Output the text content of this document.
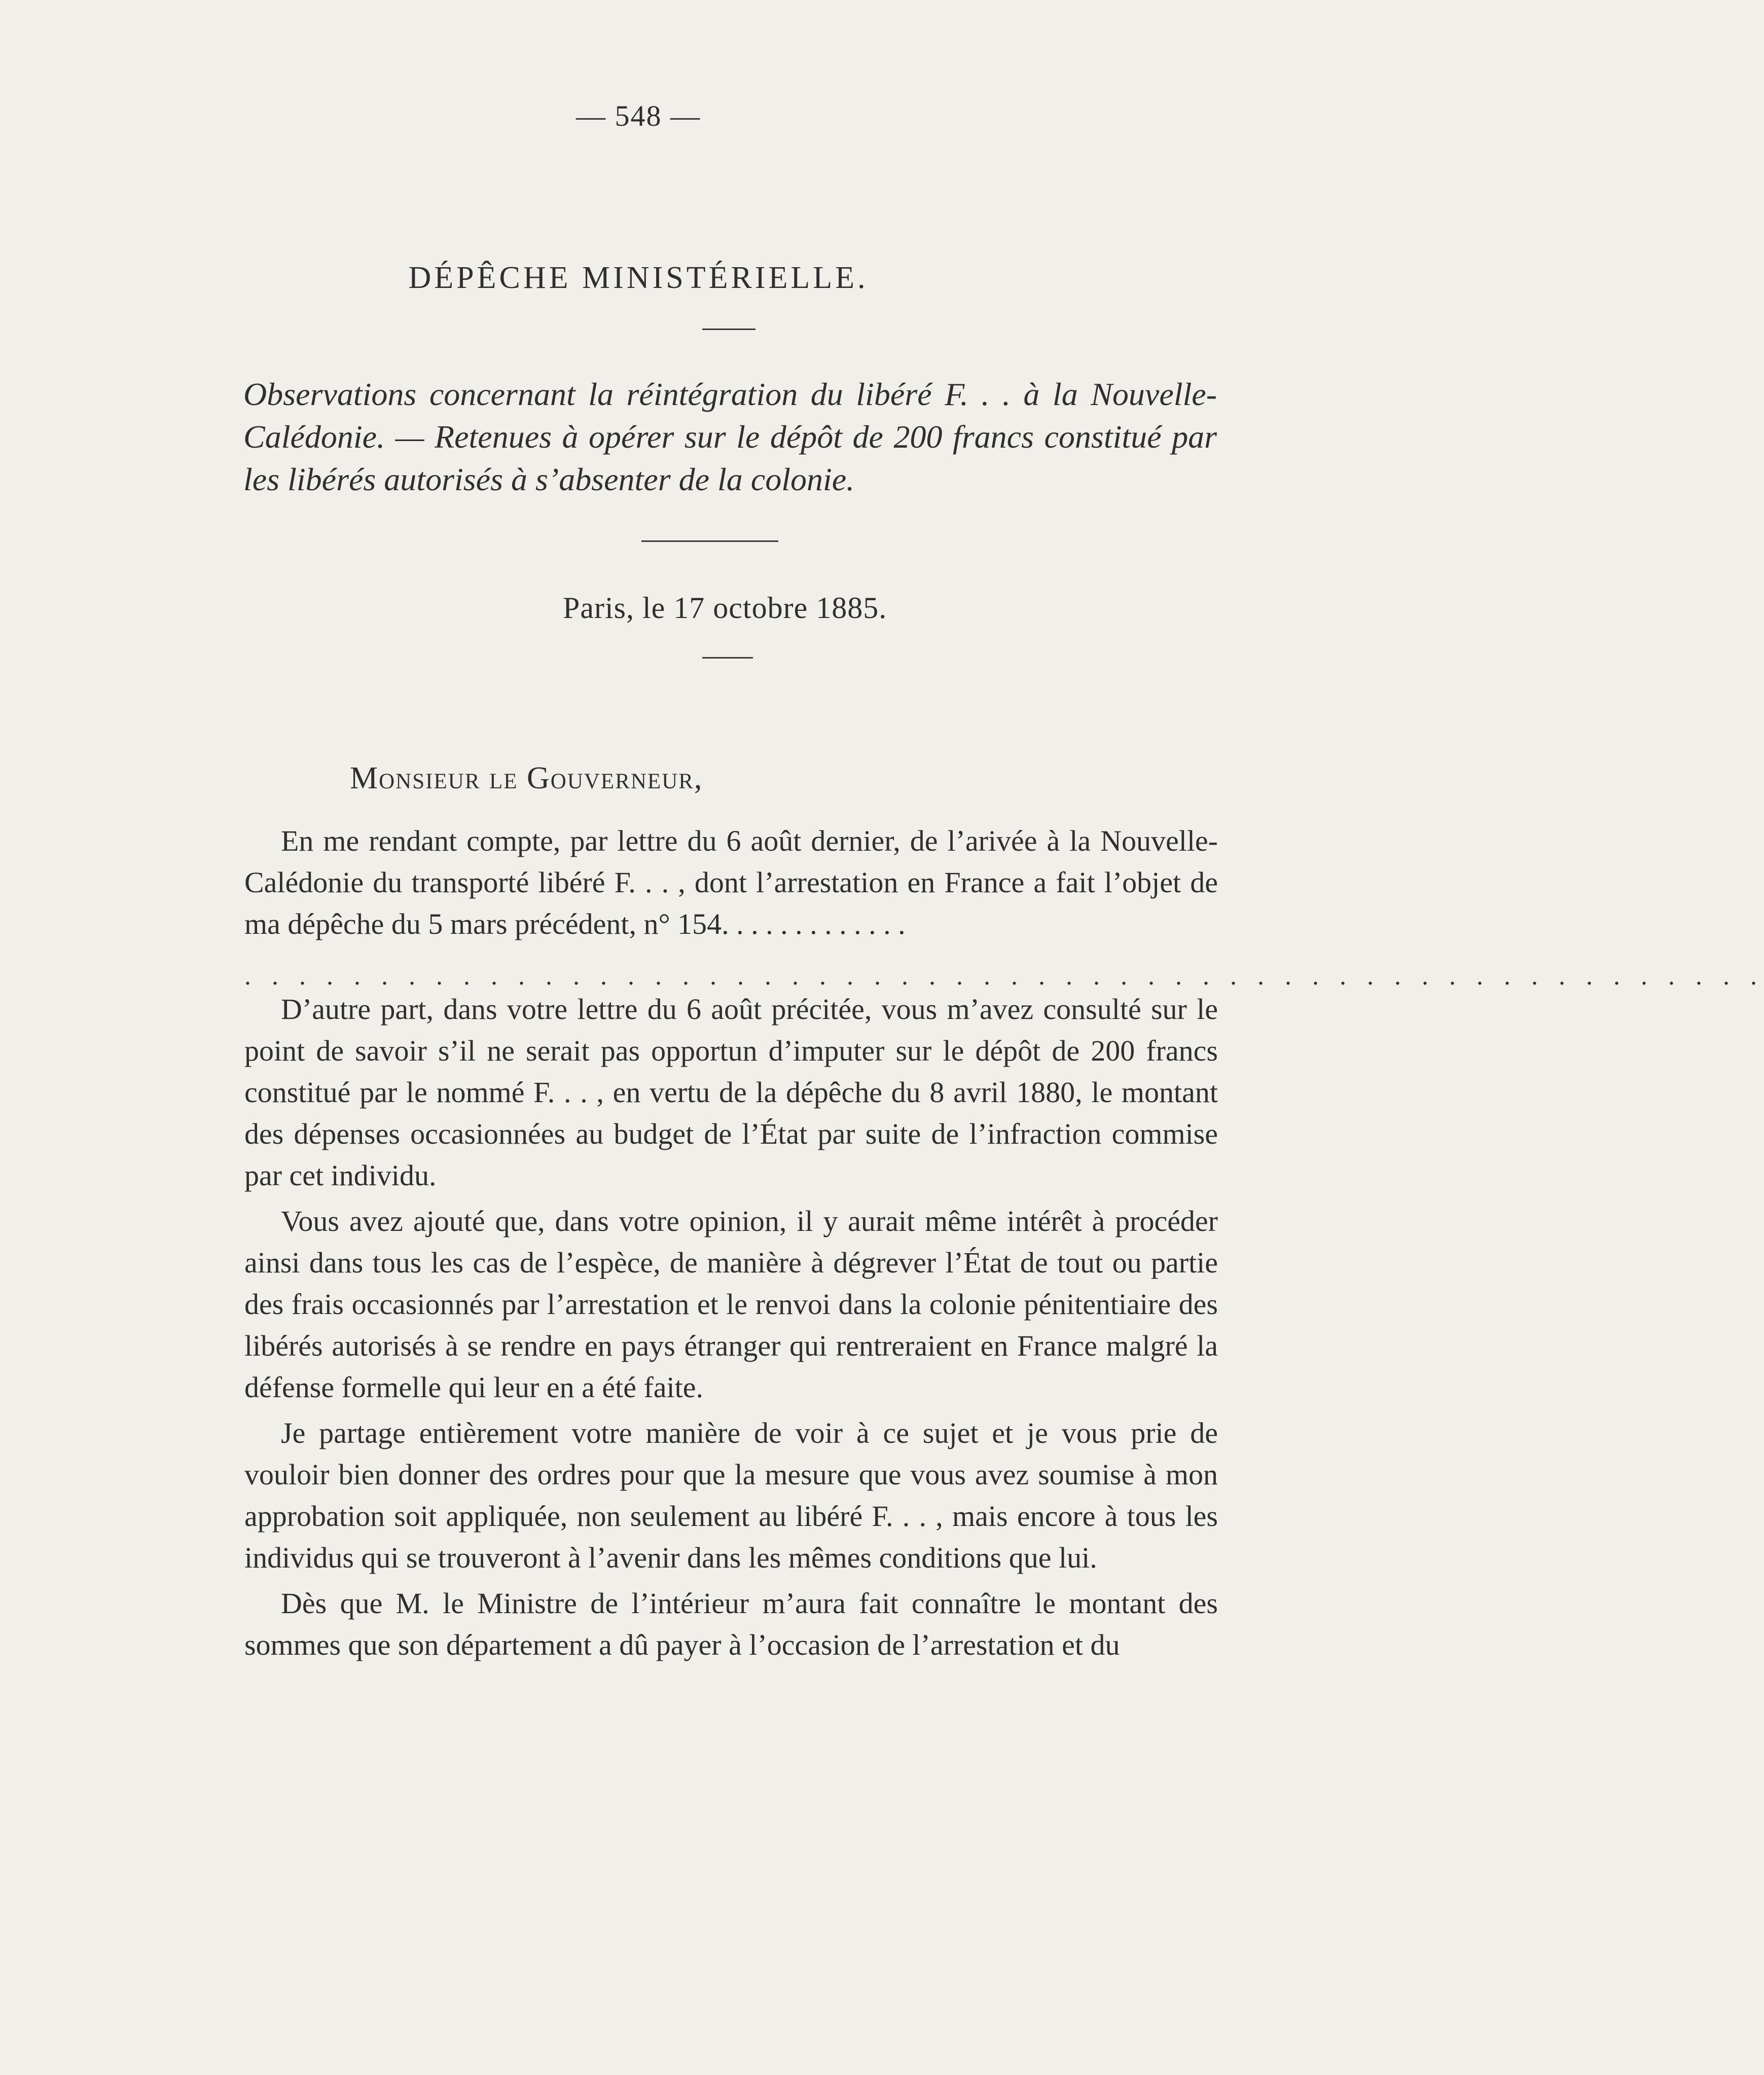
— 548 —
DÉPÊCHE MINISTÉRIELLE.

Observations concernant la réintégration du libéré F. . . à la Nouvelle-Calédonie. — Retenues à opérer sur le dépôt de 200 francs constitué par les libérés autorisés à s’absenter de la colonie.

Paris, le 17 octobre 1885.
Monsieur le Gouverneur,

En me rendant compte, par lettre du 6 août dernier, de l’arivée à la Nouvelle-Calédonie du transporté libéré F. . . , dont l’arrestation en France a fait l’objet de ma dépêche du 5 mars précédent, n° 154. . . . . . . . . . . . .

. . . . . . . . . . . . . . . . . . . . . . . . . . . . . . . . . . . . . . . . . . . . . . . . . . . . . . . .

D’autre part, dans votre lettre du 6 août précitée, vous m’avez consulté sur le point de savoir s’il ne serait pas opportun d’imputer sur le dépôt de 200 francs constitué par le nommé F. . . , en vertu de la dépêche du 8 avril 1880, le montant des dépenses occasionnées au budget de l’État par suite de l’infraction commise par cet individu.

Vous avez ajouté que, dans votre opinion, il y aurait même intérêt à procéder ainsi dans tous les cas de l’espèce, de manière à dégrever l’État de tout ou partie des frais occasionnés par l’arrestation et le renvoi dans la colonie pénitentiaire des libérés autorisés à se rendre en pays étranger qui rentreraient en France malgré la défense formelle qui leur en a été faite.

Je partage entièrement votre manière de voir à ce sujet et je vous prie de vouloir bien donner des ordres pour que la mesure que vous avez soumise à mon approbation soit appliquée, non seulement au libéré F. . . , mais encore à tous les individus qui se trouveront à l’avenir dans les mêmes conditions que lui.

Dès que M. le Ministre de l’intérieur m’aura fait connaître le montant des sommes que son département a dû payer à l’occasion de l’arrestation et du
